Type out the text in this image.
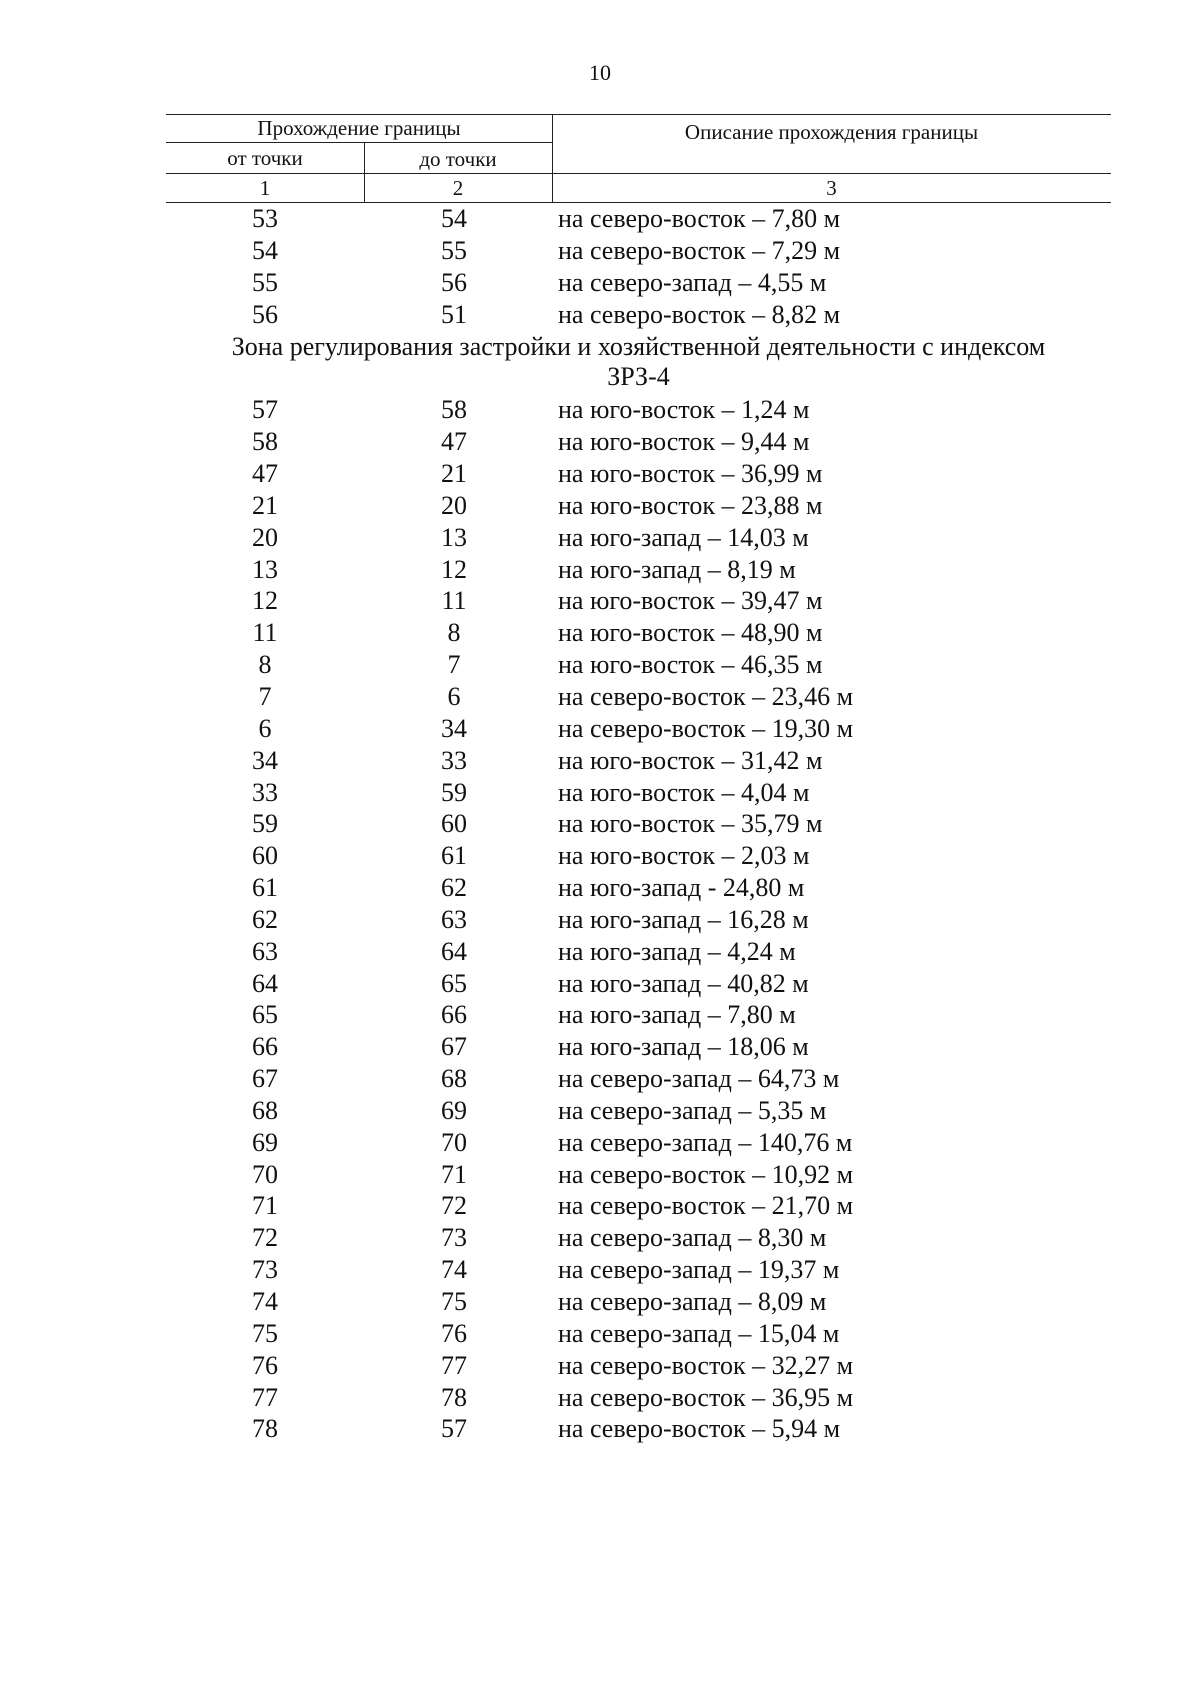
10
Прохождение границы
от точки	до точки
Описание прохождения границы
1	2	3
53	54	на северо-восток – 7,80 м
54	55	на северо-восток – 7,29 м
55	56	на северо-запад – 4,55 м
56	51	на северо-восток – 8,82 м
Зона регулирования застройки и хозяйственной деятельности с индексом
ЗРЗ-4
57	58	на юго-восток – 1,24 м
58	47	на юго-восток – 9,44 м
47	21	на юго-восток – 36,99 м
21	20	на юго-восток – 23,88 м
20	13	на юго-запад – 14,03 м
13	12	на юго-запад – 8,19 м
12	11	на юго-восток – 39,47 м
11	8	на юго-восток – 48,90 м
8	7	на юго-восток – 46,35 м
7	6	на северо-восток – 23,46 м
6	34	на северо-восток – 19,30 м
34	33	на юго-восток – 31,42 м
33	59	на юго-восток – 4,04 м
59	60	на юго-восток – 35,79 м
60	61	на юго-восток – 2,03 м
61	62	на юго-запад - 24,80 м
62	63	на юго-запад – 16,28 м
63	64	на юго-запад – 4,24 м
64	65	на юго-запад – 40,82 м
65	66	на юго-запад – 7,80 м
66	67	на юго-запад – 18,06 м
67	68	на северо-запад – 64,73 м
68	69	на северо-запад – 5,35 м
69	70	на северо-запад – 140,76 м
70	71	на северо-восток – 10,92 м
71	72	на северо-восток – 21,70 м
72	73	на северо-запад – 8,30 м
73	74	на северо-запад – 19,37 м
74	75	на северо-запад – 8,09 м
75	76	на северо-запад – 15,04 м
76	77	на северо-восток – 32,27 м
77	78	на северо-восток – 36,95 м
78	57	на северо-восток – 5,94 м
